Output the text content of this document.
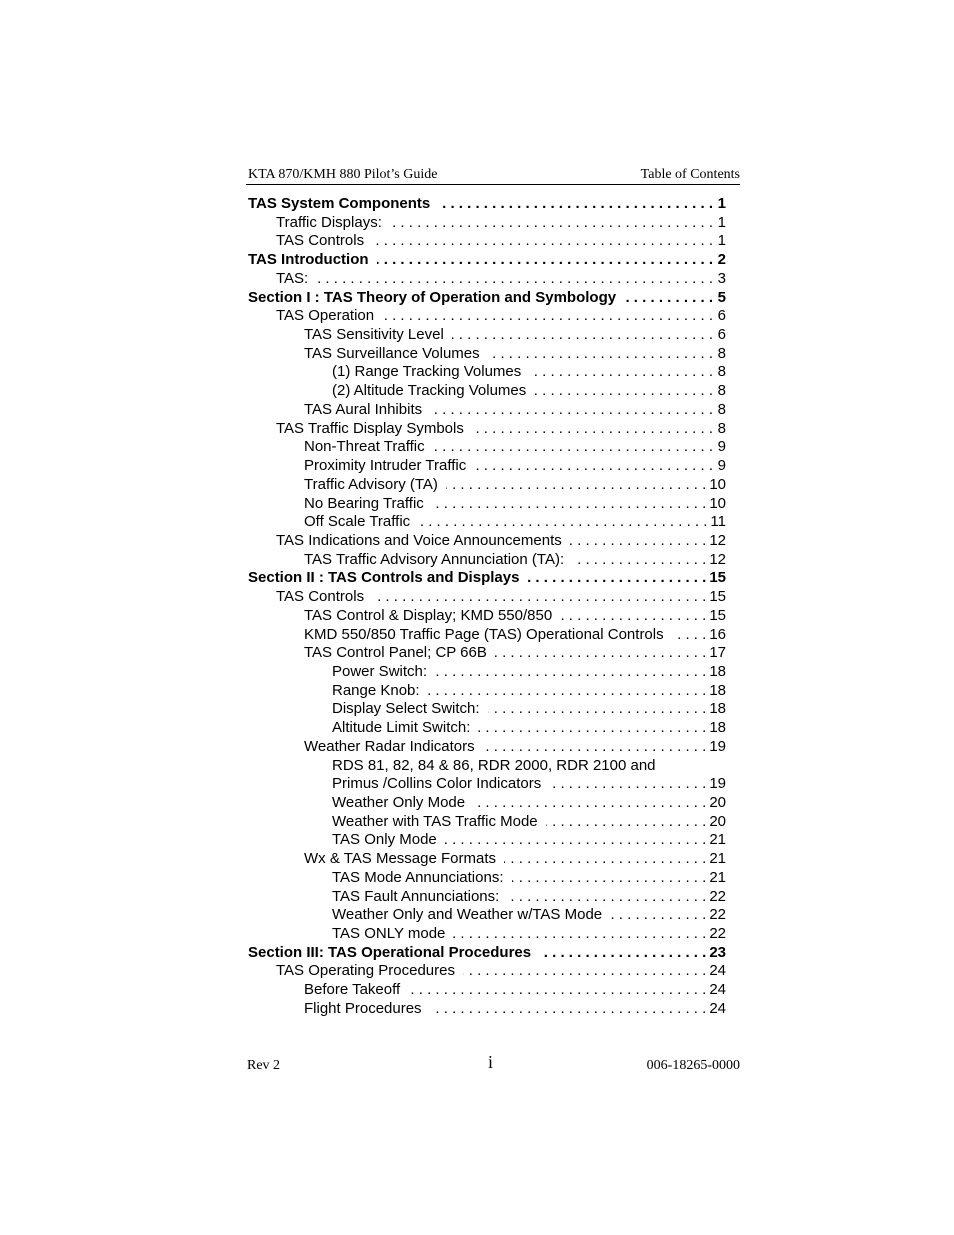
KTA 870/KMH 880 Pilot’s Guide	Table of Contents
TAS System Components . . .	1
Traffic Displays: . . .	1
TAS Controls . . .	1
TAS Introduction . . .	2
TAS: . . .	3
Section I : TAS Theory of Operation and Symbology . . .	5
TAS Operation . . .	6
TAS Sensitivity Level . . .	6
TAS Surveillance Volumes . . .	8
(1) Range Tracking Volumes . . .	8
(2) Altitude Tracking Volumes . . .	8
TAS Aural Inhibits . . .	8
TAS Traffic Display Symbols . . .	8
Non-Threat Traffic . . .	9
Proximity Intruder Traffic . . .	9
Traffic Advisory (TA) . . .	10
No Bearing Traffic . . .	10
Off Scale Traffic . . .	11
TAS Indications and Voice Announcements . . .	12
TAS Traffic Advisory Annunciation (TA): . . .	12
Section II : TAS Controls and Displays . . .	15
TAS Controls . . .	15
TAS Control & Display; KMD 550/850 . . .	15
KMD 550/850 Traffic Page (TAS) Operational Controls . . .	16
TAS Control Panel; CP 66B . . .	17
Power Switch: . . .	18
Range Knob: . . .	18
Display Select Switch: . . .	18
Altitude Limit Switch: . . .	18
Weather Radar Indicators . . .	19
RDS 81, 82, 84 & 86, RDR 2000, RDR 2100 and
Primus /Collins Color Indicators . . .	19
Weather Only Mode . . .	20
Weather with TAS Traffic Mode . . .	20
TAS Only Mode . . .	21
Wx & TAS Message Formats . . .	21
TAS Mode Annunciations: . . .	21
TAS Fault Annunciations: . . .	22
Weather Only and Weather w/TAS Mode . . .	22
TAS ONLY mode . . .	22
Section III: TAS Operational Procedures . . .	23
TAS Operating Procedures . . .	24
Before Takeoff . . .	24
Flight Procedures . . .	24
Rev 2	i	006-18265-0000
